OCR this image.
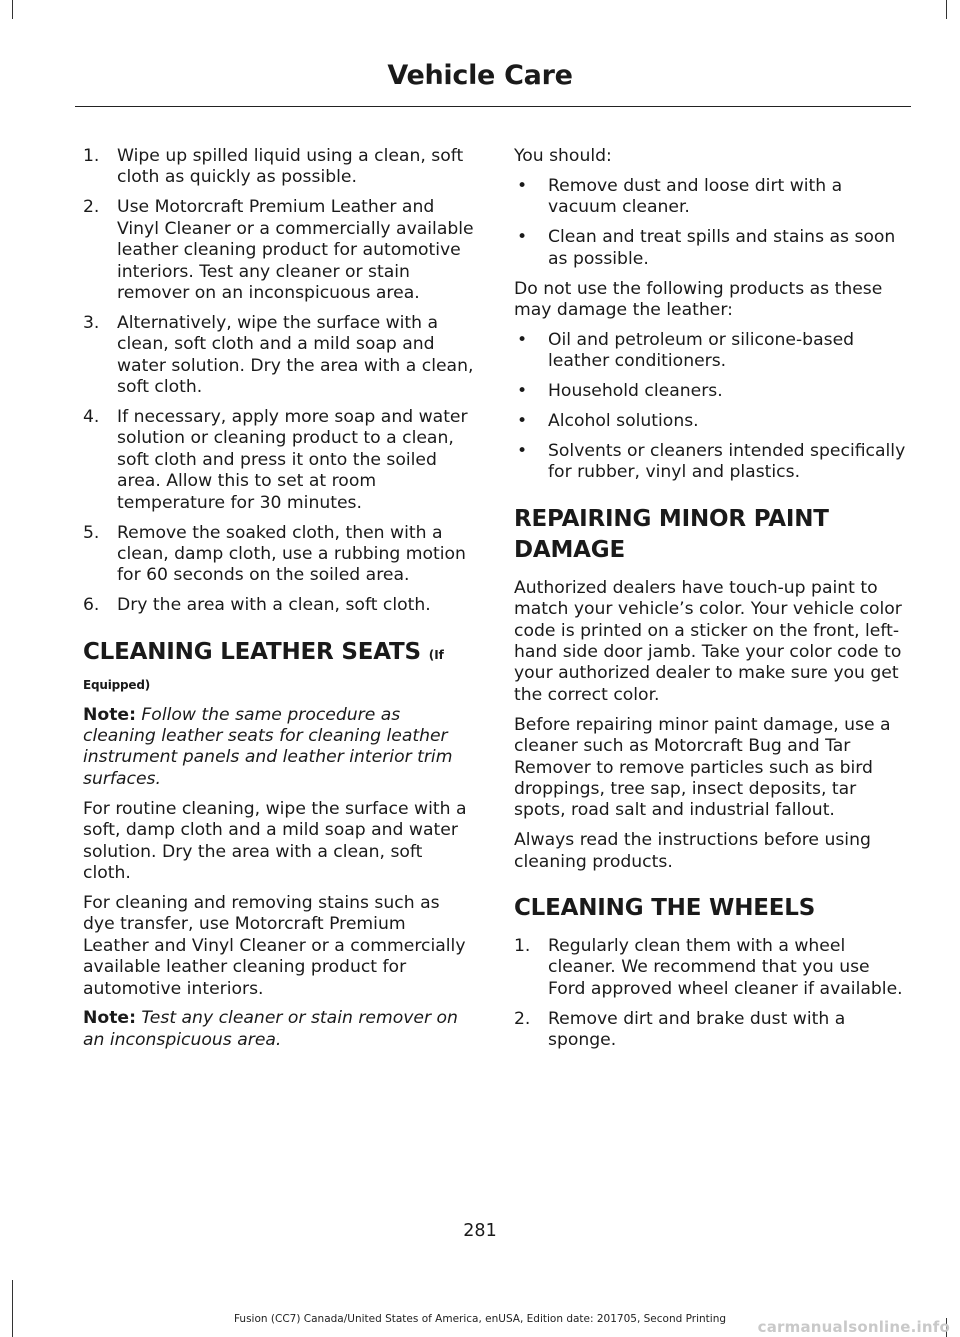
Vehicle Care
1. Wipe up spilled liquid using a clean, soft cloth as quickly as possible.
2. Use Motorcraft Premium Leather and Vinyl Cleaner or a commercially available leather cleaning product for automotive interiors. Test any cleaner or stain remover on an inconspicuous area.
3. Alternatively, wipe the surface with a clean, soft cloth and a mild soap and water solution. Dry the area with a clean, soft cloth.
4. If necessary, apply more soap and water solution or cleaning product to a clean, soft cloth and press it onto the soiled area. Allow this to set at room temperature for 30 minutes.
5. Remove the soaked cloth, then with a clean, damp cloth, use a rubbing motion for 60 seconds on the soiled area.
6. Dry the area with a clean, soft cloth.
CLEANING LEATHER SEATS (If
Equipped)

Note: Follow the same procedure as cleaning leather seats for cleaning leather instrument panels and leather interior trim surfaces.

For routine cleaning, wipe the surface with a soft, damp cloth and a mild soap and water solution. Dry the area with a clean, soft cloth.

For cleaning and removing stains such as dye transfer, use Motorcraft Premium Leather and Vinyl Cleaner or a commercially available leather cleaning product for automotive interiors.

Note: Test any cleaner or stain remover on an inconspicuous area.

You should:

• Remove dust and loose dirt with a vacuum cleaner.
• Clean and treat spills and stains as soon as possible.

Do not use the following products as these may damage the leather:

• Oil and petroleum or silicone-based leather conditioners.
• Household cleaners.
• Alcohol solutions.
• Solvents or cleaners intended specifically for rubber, vinyl and plastics.
REPAIRING MINOR PAINT DAMAGE

Authorized dealers have touch-up paint to match your vehicle’s color. Your vehicle color code is printed on a sticker on the front, left-hand side door jamb. Take your color code to your authorized dealer to make sure you get the correct color.

Before repairing minor paint damage, use a cleaner such as Motorcraft Bug and Tar Remover to remove particles such as bird droppings, tree sap, insect deposits, tar spots, road salt and industrial fallout.

Always read the instructions before using cleaning products.

CLEANING THE WHEELS
1. Regularly clean them with a wheel cleaner. We recommend that you use Ford approved wheel cleaner if available.
2. Remove dirt and brake dust with a sponge.
281
Fusion (CC7) Canada/United States of America, enUSA, Edition date: 201705, Second Printing	carmanualsonline.info
